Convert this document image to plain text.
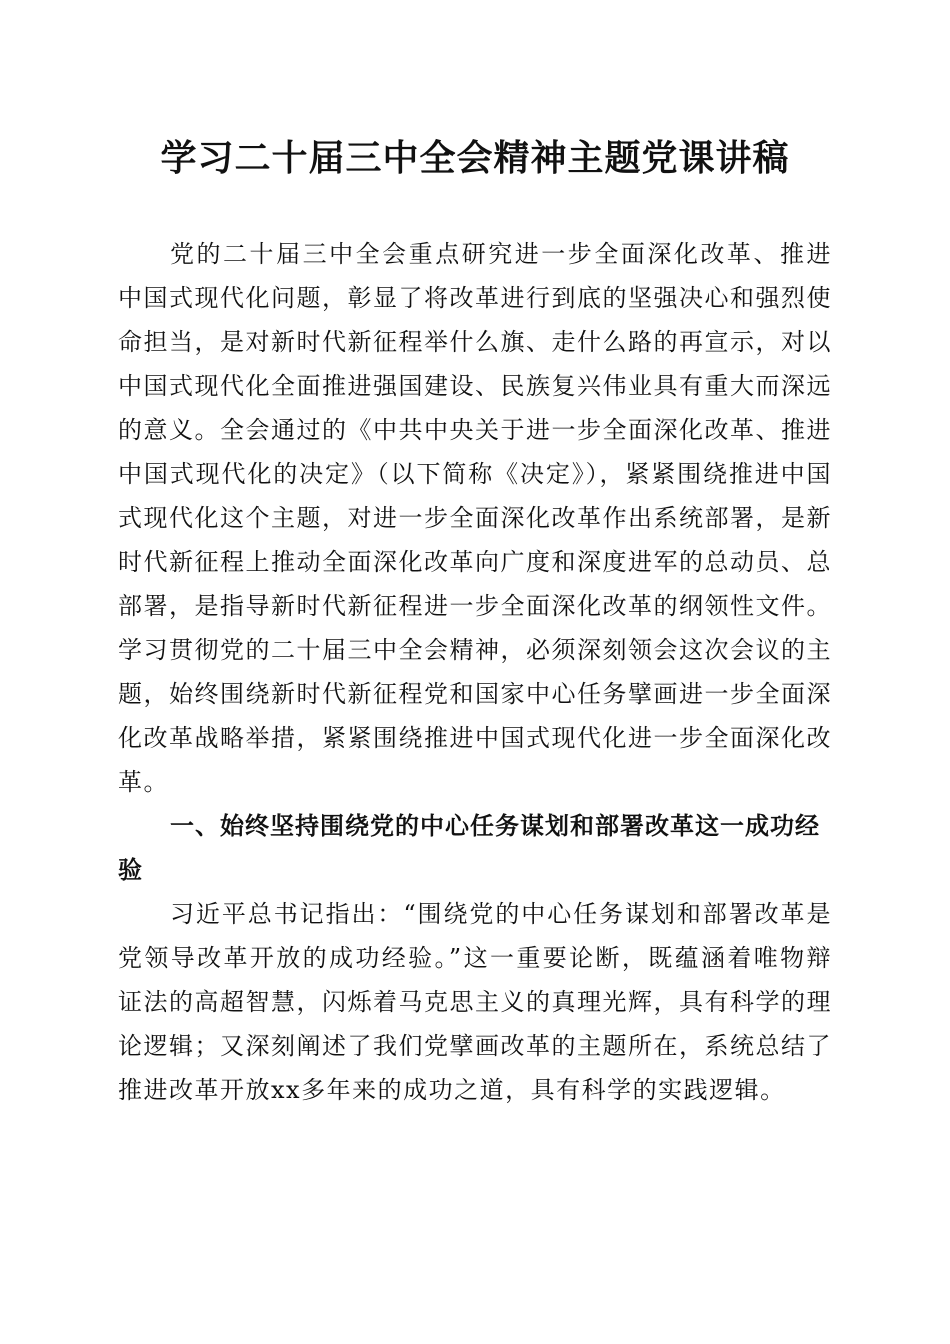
学习二十届三中全会精神主题党课讲稿

党的二十届三中全会重点研究进一步全面深化改革、推进中国式现代化问题，彰显了将改革进行到底的坚强决心和强烈使命担当，是对新时代新征程举什么旗、走什么路的再宣示，对以中国式现代化全面推进强国建设、民族复兴伟业具有重大而深远的意义。全会通过的《中共中央关于进一步全面深化改革、推进中国式现代化的决定》（以下简称《决定》），紧紧围绕推进中国式现代化这个主题，对进一步全面深化改革作出系统部署，是新时代新征程上推动全面深化改革向广度和深度进军的总动员、总部署，是指导新时代新征程进一步全面深化改革的纲领性文件。学习贯彻党的二十届三中全会精神，必须深刻领会这次会议的主题，始终围绕新时代新征程党和国家中心任务擘画进一步全面深化改革战略举措，紧紧围绕推进中国式现代化进一步全面深化改革。

一、始终坚持围绕党的中心任务谋划和部署改革这一成功经验

习近平总书记指出：“围绕党的中心任务谋划和部署改革是党领导改革开放的成功经验。”这一重要论断，既蕴涵着唯物辩证法的高超智慧，闪烁着马克思主义的真理光辉，具有科学的理论逻辑；又深刻阐述了我们党擘画改革的主题所在，系统总结了推进改革开放xx多年来的成功之道，具有科学的实践逻辑。
